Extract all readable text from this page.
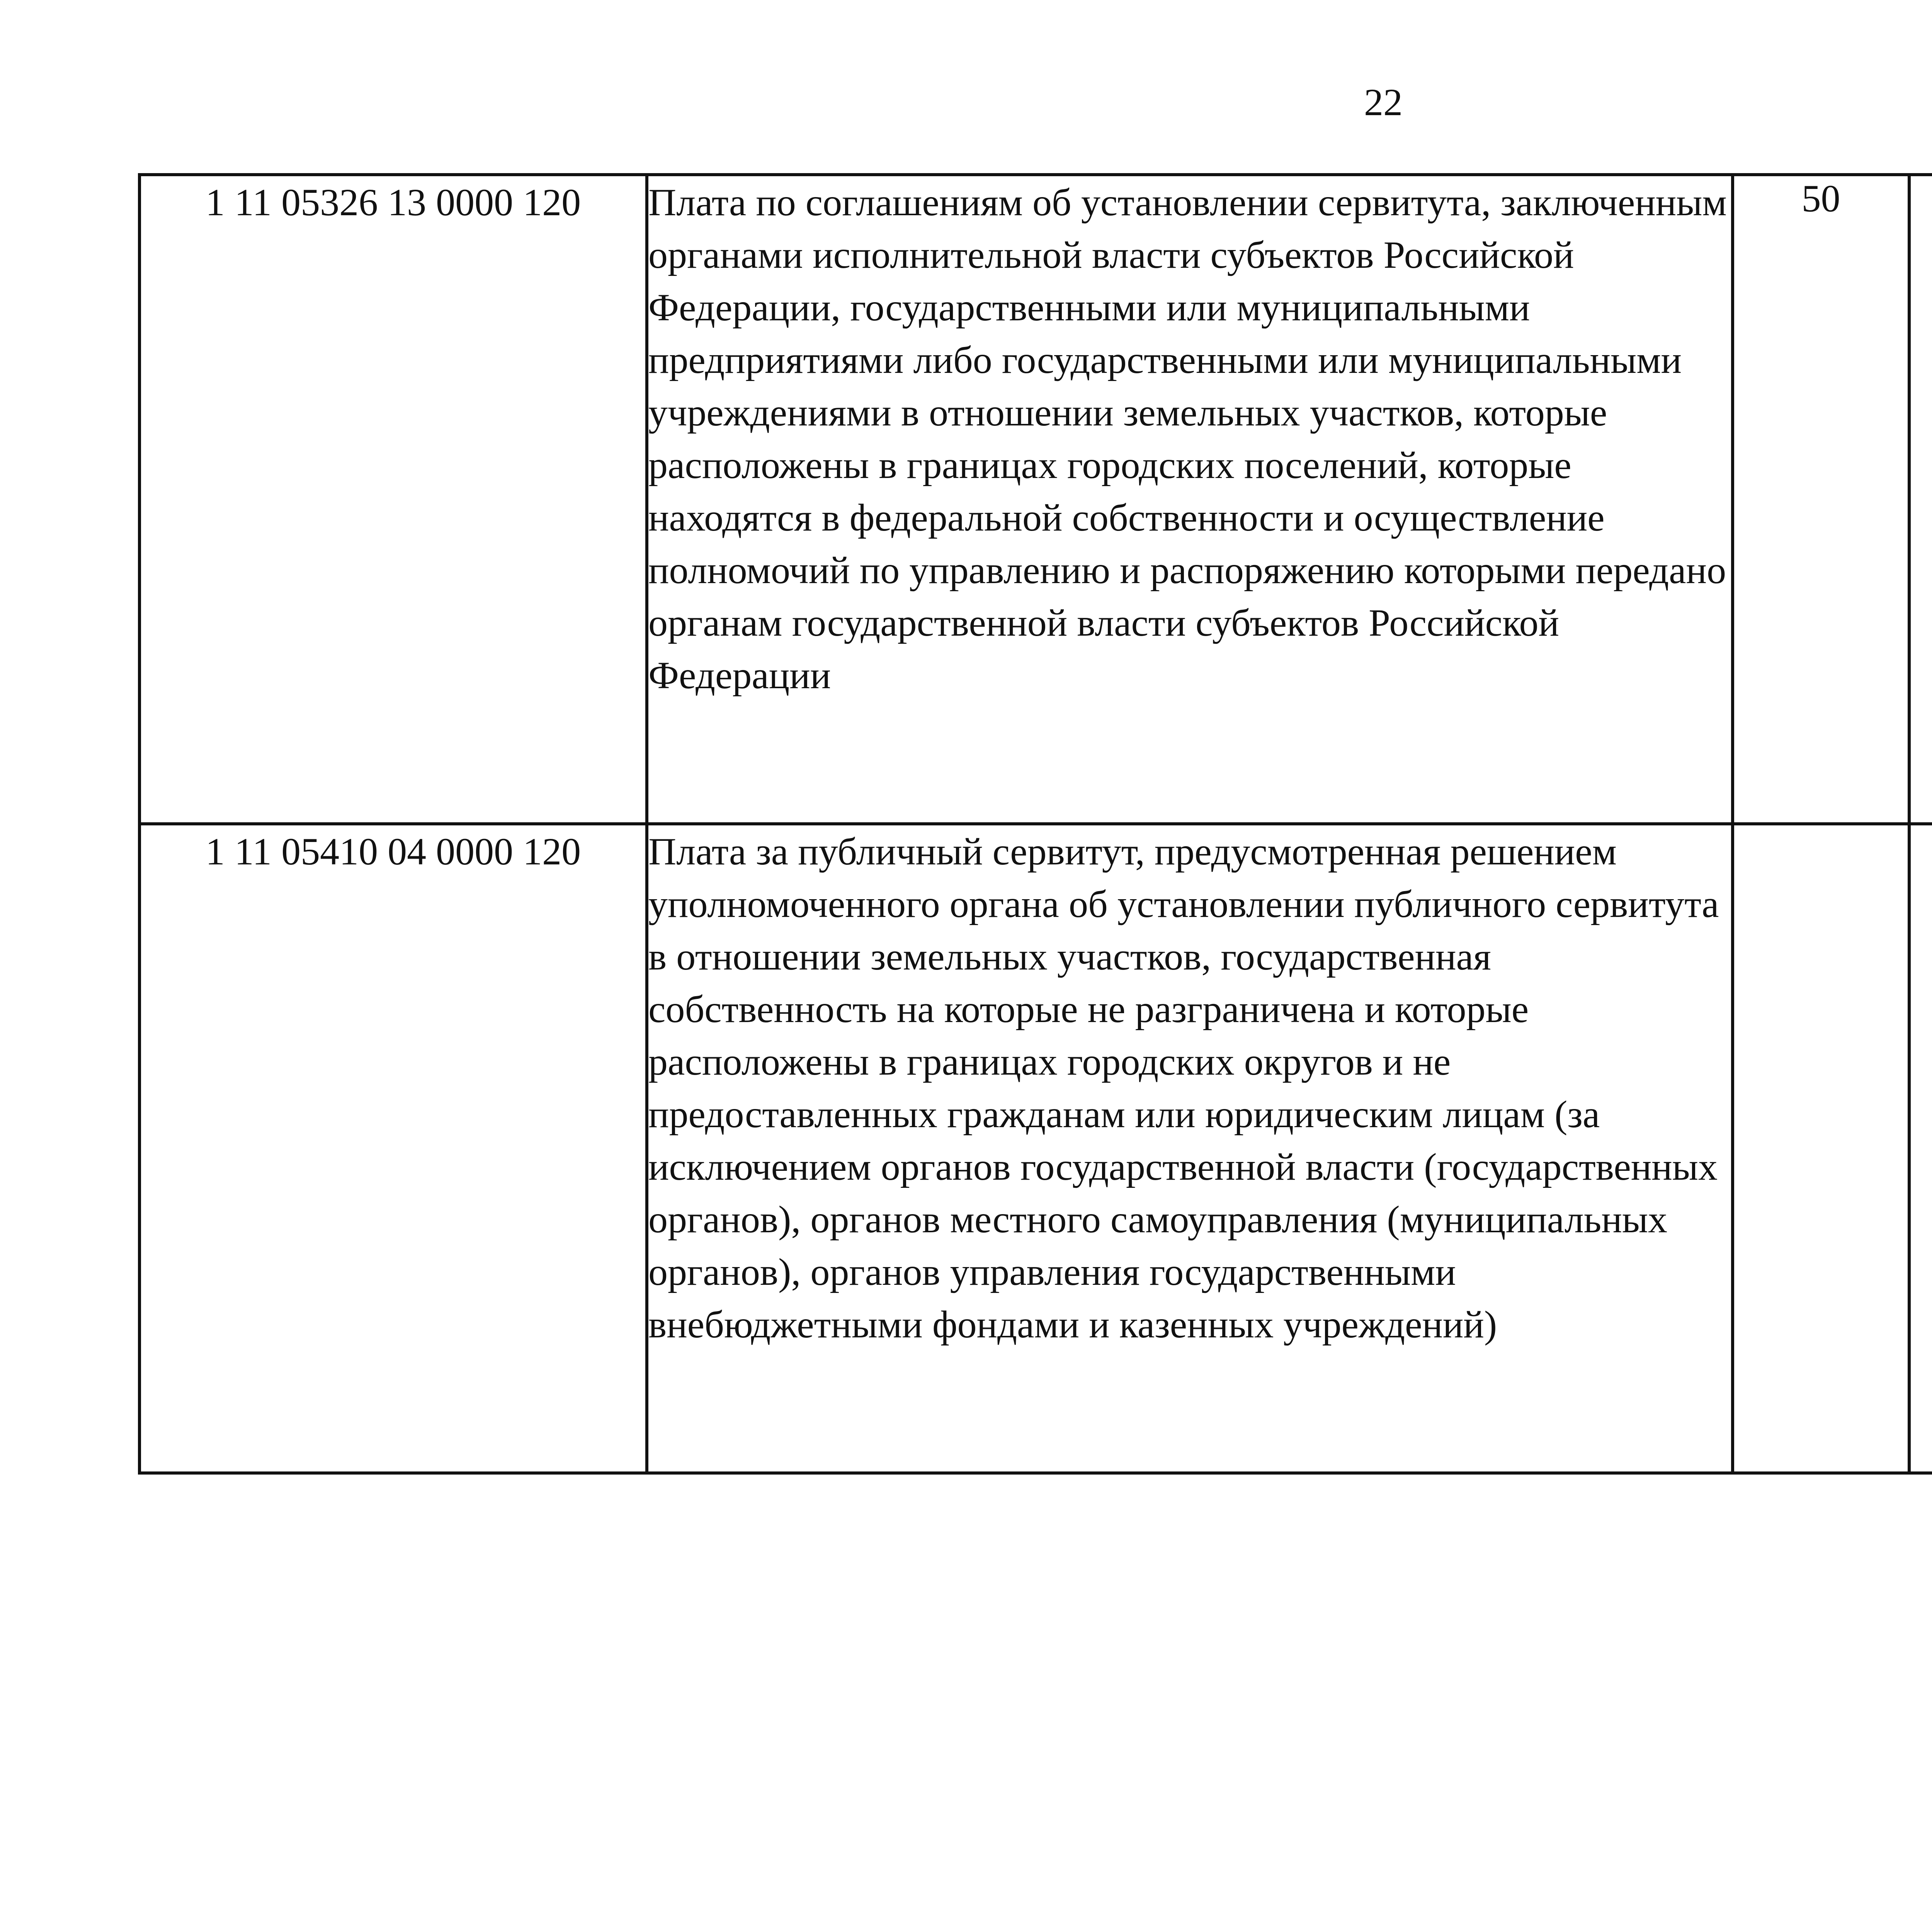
22
1 11 05326 13 0000 120	Плата по соглашениям об установлении сервитута, заключенным органами исполнительной власти субъектов Российской Федерации, государственными или муниципальными предприятиями либо государственными или муниципальными учреждениями в отношении земельных участков, которые расположены в границах городских поселений, которые находятся в федеральной собственности и осуществление полномочий по управлению и распоряжению которыми передано органам государственной власти субъектов Российской Федерации	50				
1 11 05410 04 0000 120	Плата за публичный сервитут, предусмотренная решением уполномоченного органа об установлении публичного сервитута в отношении земельных участков, государственная собственность на которые не разграничена и которые расположены в границах городских округов и не предоставленных гражданам или юридическим лицам (за исключением органов государственной власти (государственных органов), органов местного самоуправления (муниципальных органов), органов управления государственными внебюджетными фондами и казенных учреждений)					
